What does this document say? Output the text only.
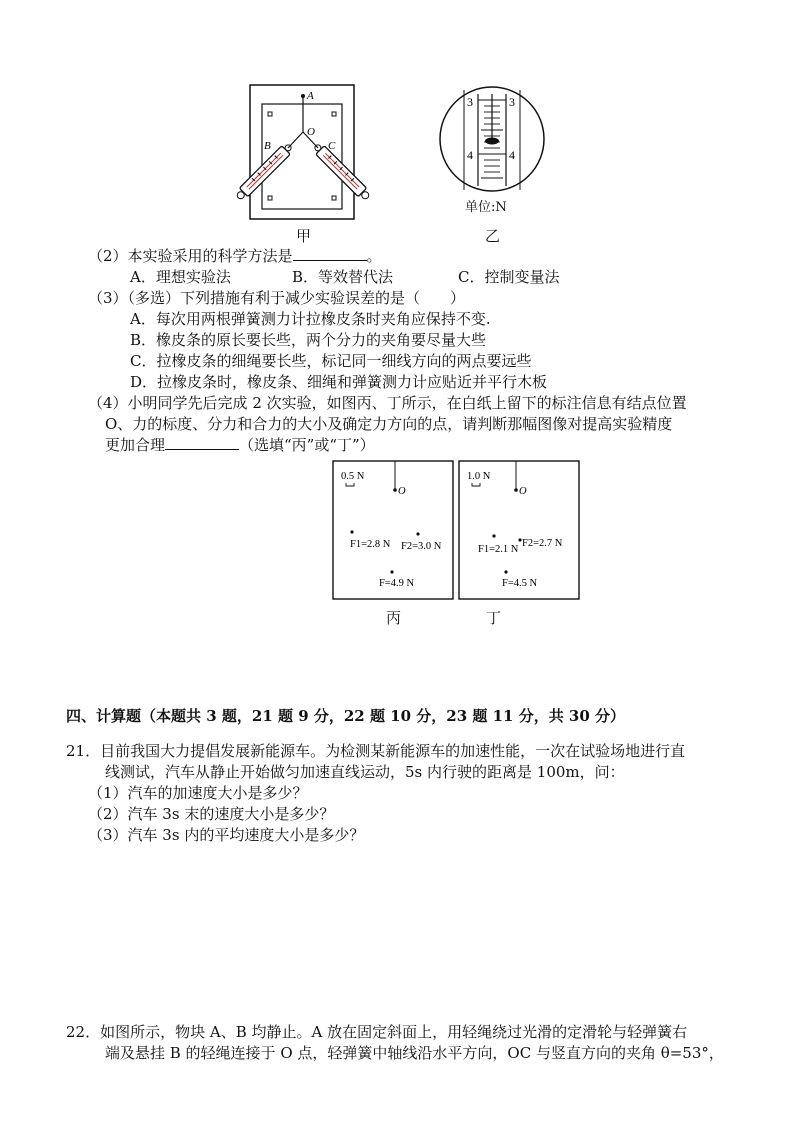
A
O
B	C
甲
3	3
4	4
单位:N
乙
（2）本实验采用的科学方法是	。
A．理想实验法	B．等效替代法	C．控制变量法
（3）（多选）下列措施有利于减少实验误差的是（　　）
A．每次用两根弹簧测力计拉橡皮条时夹角应保持不变.
B．橡皮条的原长要长些，两个分力的夹角要尽量大些
C．拉橡皮条的细绳要长些，标记同一细线方向的两点要远些
D．拉橡皮条时，橡皮条、细绳和弹簧测力计应贴近并平行木板
（4）小明同学先后完成 2 次实验，如图丙、丁所示，在白纸上留下的标注信息有结点位置
O、力的标度、分力和合力的大小及确定力方向的点，请判断那幅图像对提高实验精度
更加合理	（选填“丙”或“丁”）
0.5 N
O
F1=2.8 N F2=3.0 N
F=4.9 N
丙
1.0 N
O
F1=2.1 N
F2=2.7 N
F=4.5 N
丁
四、计算题（本题共 3 题，21 题 9 分，22 题 10 分，23 题 11 分，共 30 分）
21．目前我国大力提倡发展新能源车。为检测某新能源车的加速性能，一次在试验场地进行直
线测试，汽车从静止开始做匀加速直线运动，5s 内行驶的距离是 100m，问：
（1）汽车的加速度大小是多少？
（2）汽车 3s 末的速度大小是多少？
（3）汽车 3s 内的平均速度大小是多少？
22．如图所示，物块 A、B 均静止。A 放在固定斜面上，用轻绳绕过光滑的定滑轮与轻弹簧右
端及悬挂 B 的轻绳连接于 O 点，轻弹簧中轴线沿水平方向，OC 与竖直方向的夹角 θ=53°，
